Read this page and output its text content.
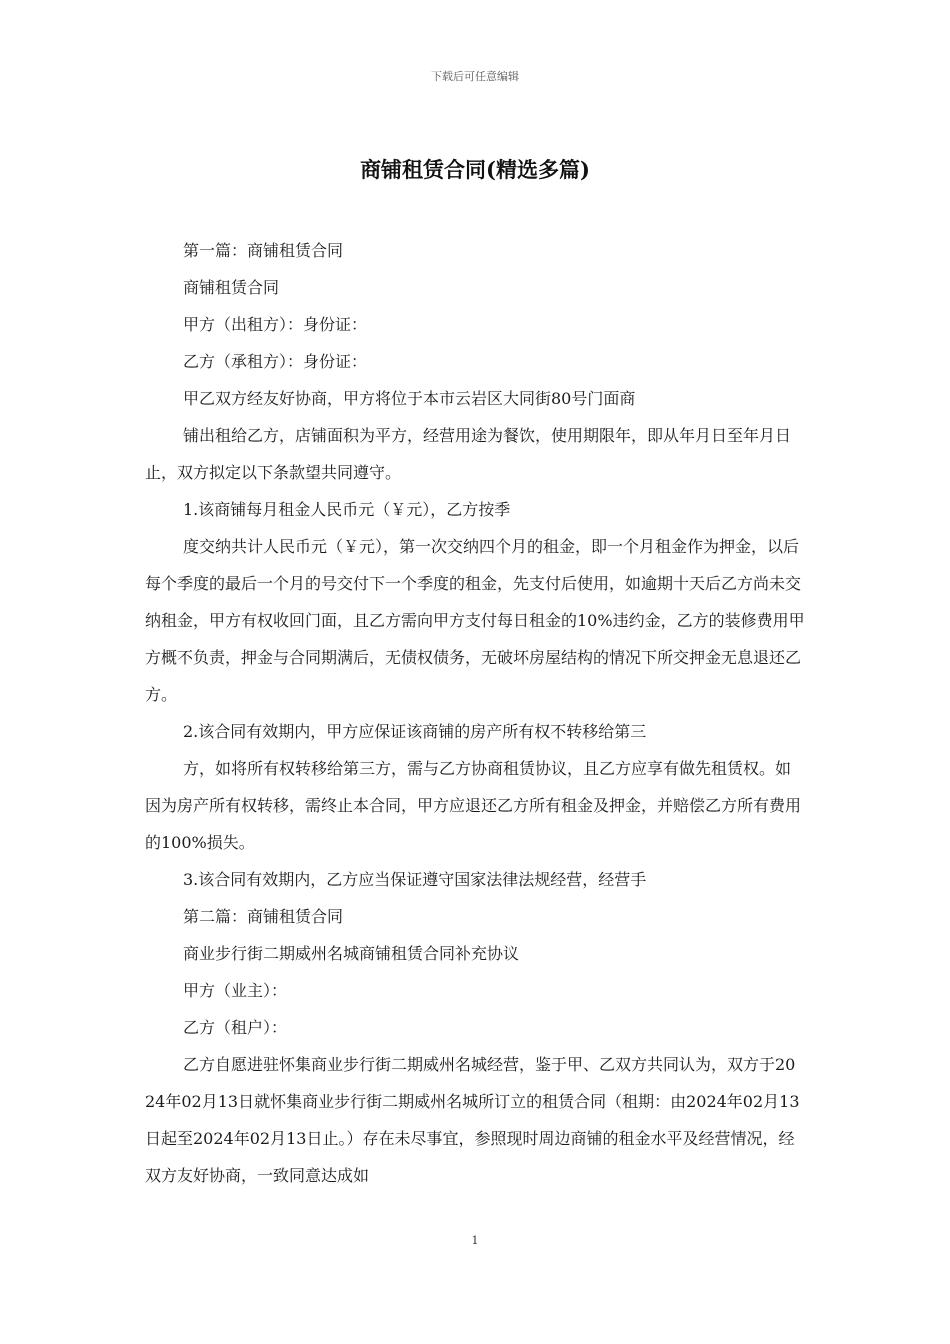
下载后可任意编辑
商铺租赁合同(精选多篇)

第一篇：商铺租赁合同

商铺租赁合同

甲方（出租方）：身份证：

乙方（承租方）：身份证：

甲乙双方经友好协商，甲方将位于本市云岩区大同街80号门面商

铺出租给乙方，店铺面积为平方，经营用途为餐饮，使用期限年，即从年月日至年月日止，双方拟定以下条款望共同遵守。

1.该商铺每月租金人民币元（￥元），乙方按季

度交纳共计人民币元（￥元），第一次交纳四个月的租金，即一个月租金作为押金，以后每个季度的最后一个月的号交付下一个季度的租金，先支付后使用，如逾期十天后乙方尚未交纳租金，甲方有权收回门面，且乙方需向甲方支付每日租金的10%违约金，乙方的装修费用甲方概不负责，押金与合同期满后，无债权债务，无破坏房屋结构的情况下所交押金无息退还乙方。

2.该合同有效期内，甲方应保证该商铺的房产所有权不转移给第三

方，如将所有权转移给第三方，需与乙方协商租赁协议，且乙方应享有做先租赁权。如因为房产所有权转移，需终止本合同，甲方应退还乙方所有租金及押金，并赔偿乙方所有费用的100%损失。

3.该合同有效期内，乙方应当保证遵守国家法律法规经营，经营手

第二篇：商铺租赁合同

商业步行街二期威州名城商铺租赁合同补充协议

甲方（业主）：

乙方（租户）：

乙方自愿进驻怀集商业步行街二期威州名城经营，鉴于甲、乙双方共同认为，双方于2024年02月13日就怀集商业步行街二期威州名城所订立的租赁合同（租期：由2024年02月13日起至2024年02月13日止。）存在未尽事宜，参照现时周边商铺的租金水平及经营情况，经双方友好协商，一致同意达成如

1
